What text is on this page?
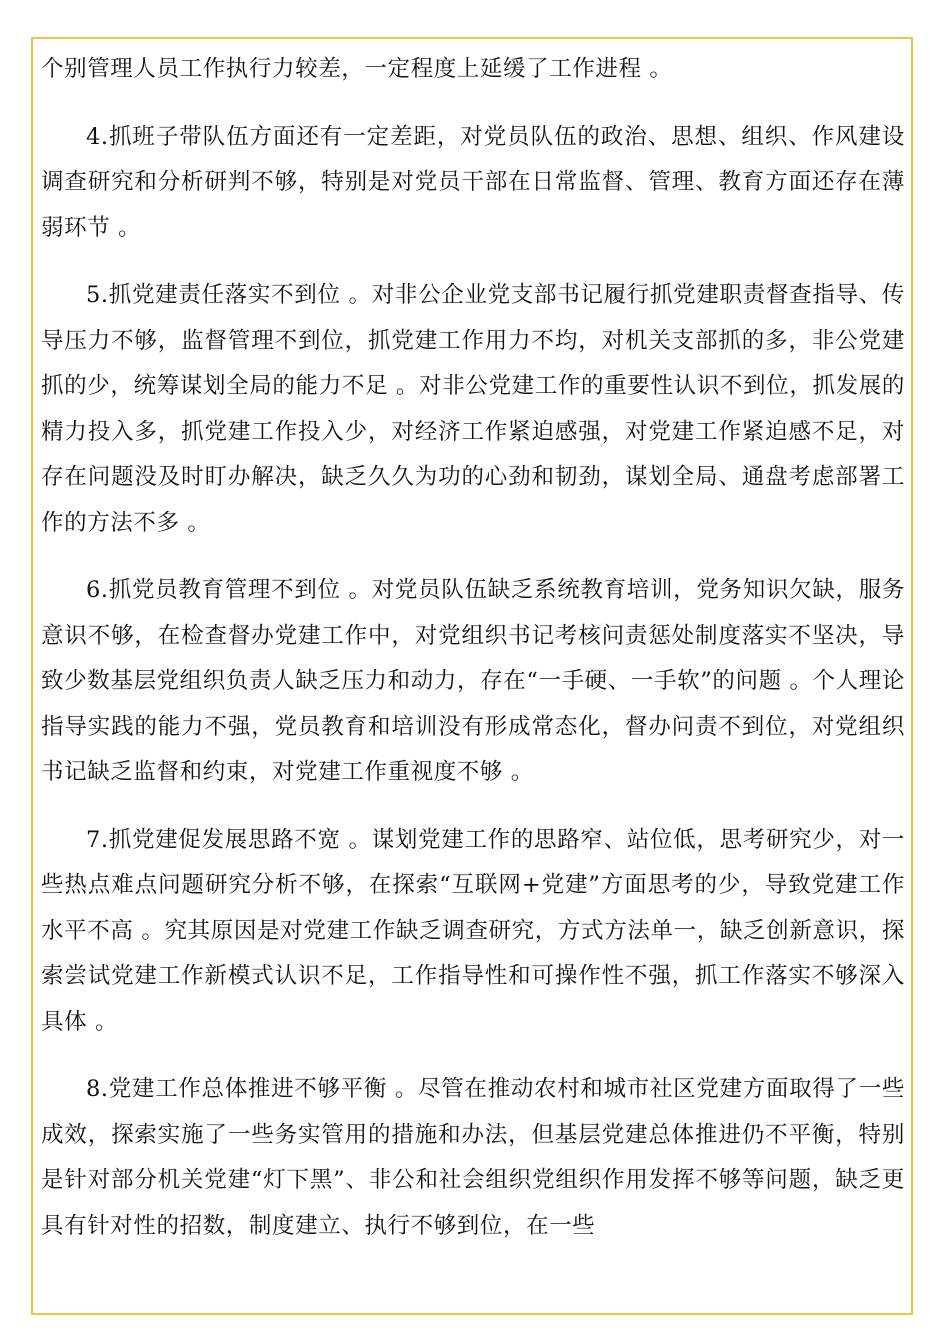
个别管理人员工作执行力较差，一定程度上延缓了工作进程 。

4.抓班子带队伍方面还有一定差距，对党员队伍的政治、思想、组织、作风建设调查研究和分析研判不够，特别是对党员干部在日常监督、管理、教育方面还存在薄弱环节 。

5.抓党建责任落实不到位 。对非公企业党支部书记履行抓党建职责督查指导、传导压力不够，监督管理不到位，抓党建工作用力不均，对机关支部抓的多，非公党建抓的少，统筹谋划全局的能力不足 。对非公党建工作的重要性认识不到位，抓发展的精力投入多，抓党建工作投入少，对经济工作紧迫感强，对党建工作紧迫感不足，对存在问题没及时盯办解决，缺乏久久为功的心劲和韧劲，谋划全局、通盘考虑部署工作的方法不多 。

6.抓党员教育管理不到位 。对党员队伍缺乏系统教育培训，党务知识欠缺，服务意识不够，在检查督办党建工作中，对党组织书记考核问责惩处制度落实不坚决，导致少数基层党组织负责人缺乏压力和动力，存在“一手硬、一手软”的问题 。个人理论指导实践的能力不强，党员教育和培训没有形成常态化，督办问责不到位，对党组织书记缺乏监督和约束，对党建工作重视度不够 。

7.抓党建促发展思路不宽 。谋划党建工作的思路窄、站位低，思考研究少，对一些热点难点问题研究分析不够，在探索“互联网+党建”方面思考的少，导致党建工作水平不高 。究其原因是对党建工作缺乏调查研究，方式方法单一，缺乏创新意识，探索尝试党建工作新模式认识不足，工作指导性和可操作性不强，抓工作落实不够深入具体 。

8.党建工作总体推进不够平衡 。尽管在推动农村和城市社区党建方面取得了一些成效，探索实施了一些务实管用的措施和办法，但基层党建总体推进仍不平衡，特别是针对部分机关党建“灯下黑”、非公和社会组织党组织作用发挥不够等问题，缺乏更具有针对性的招数，制度建立、执行不够到位，在一些
